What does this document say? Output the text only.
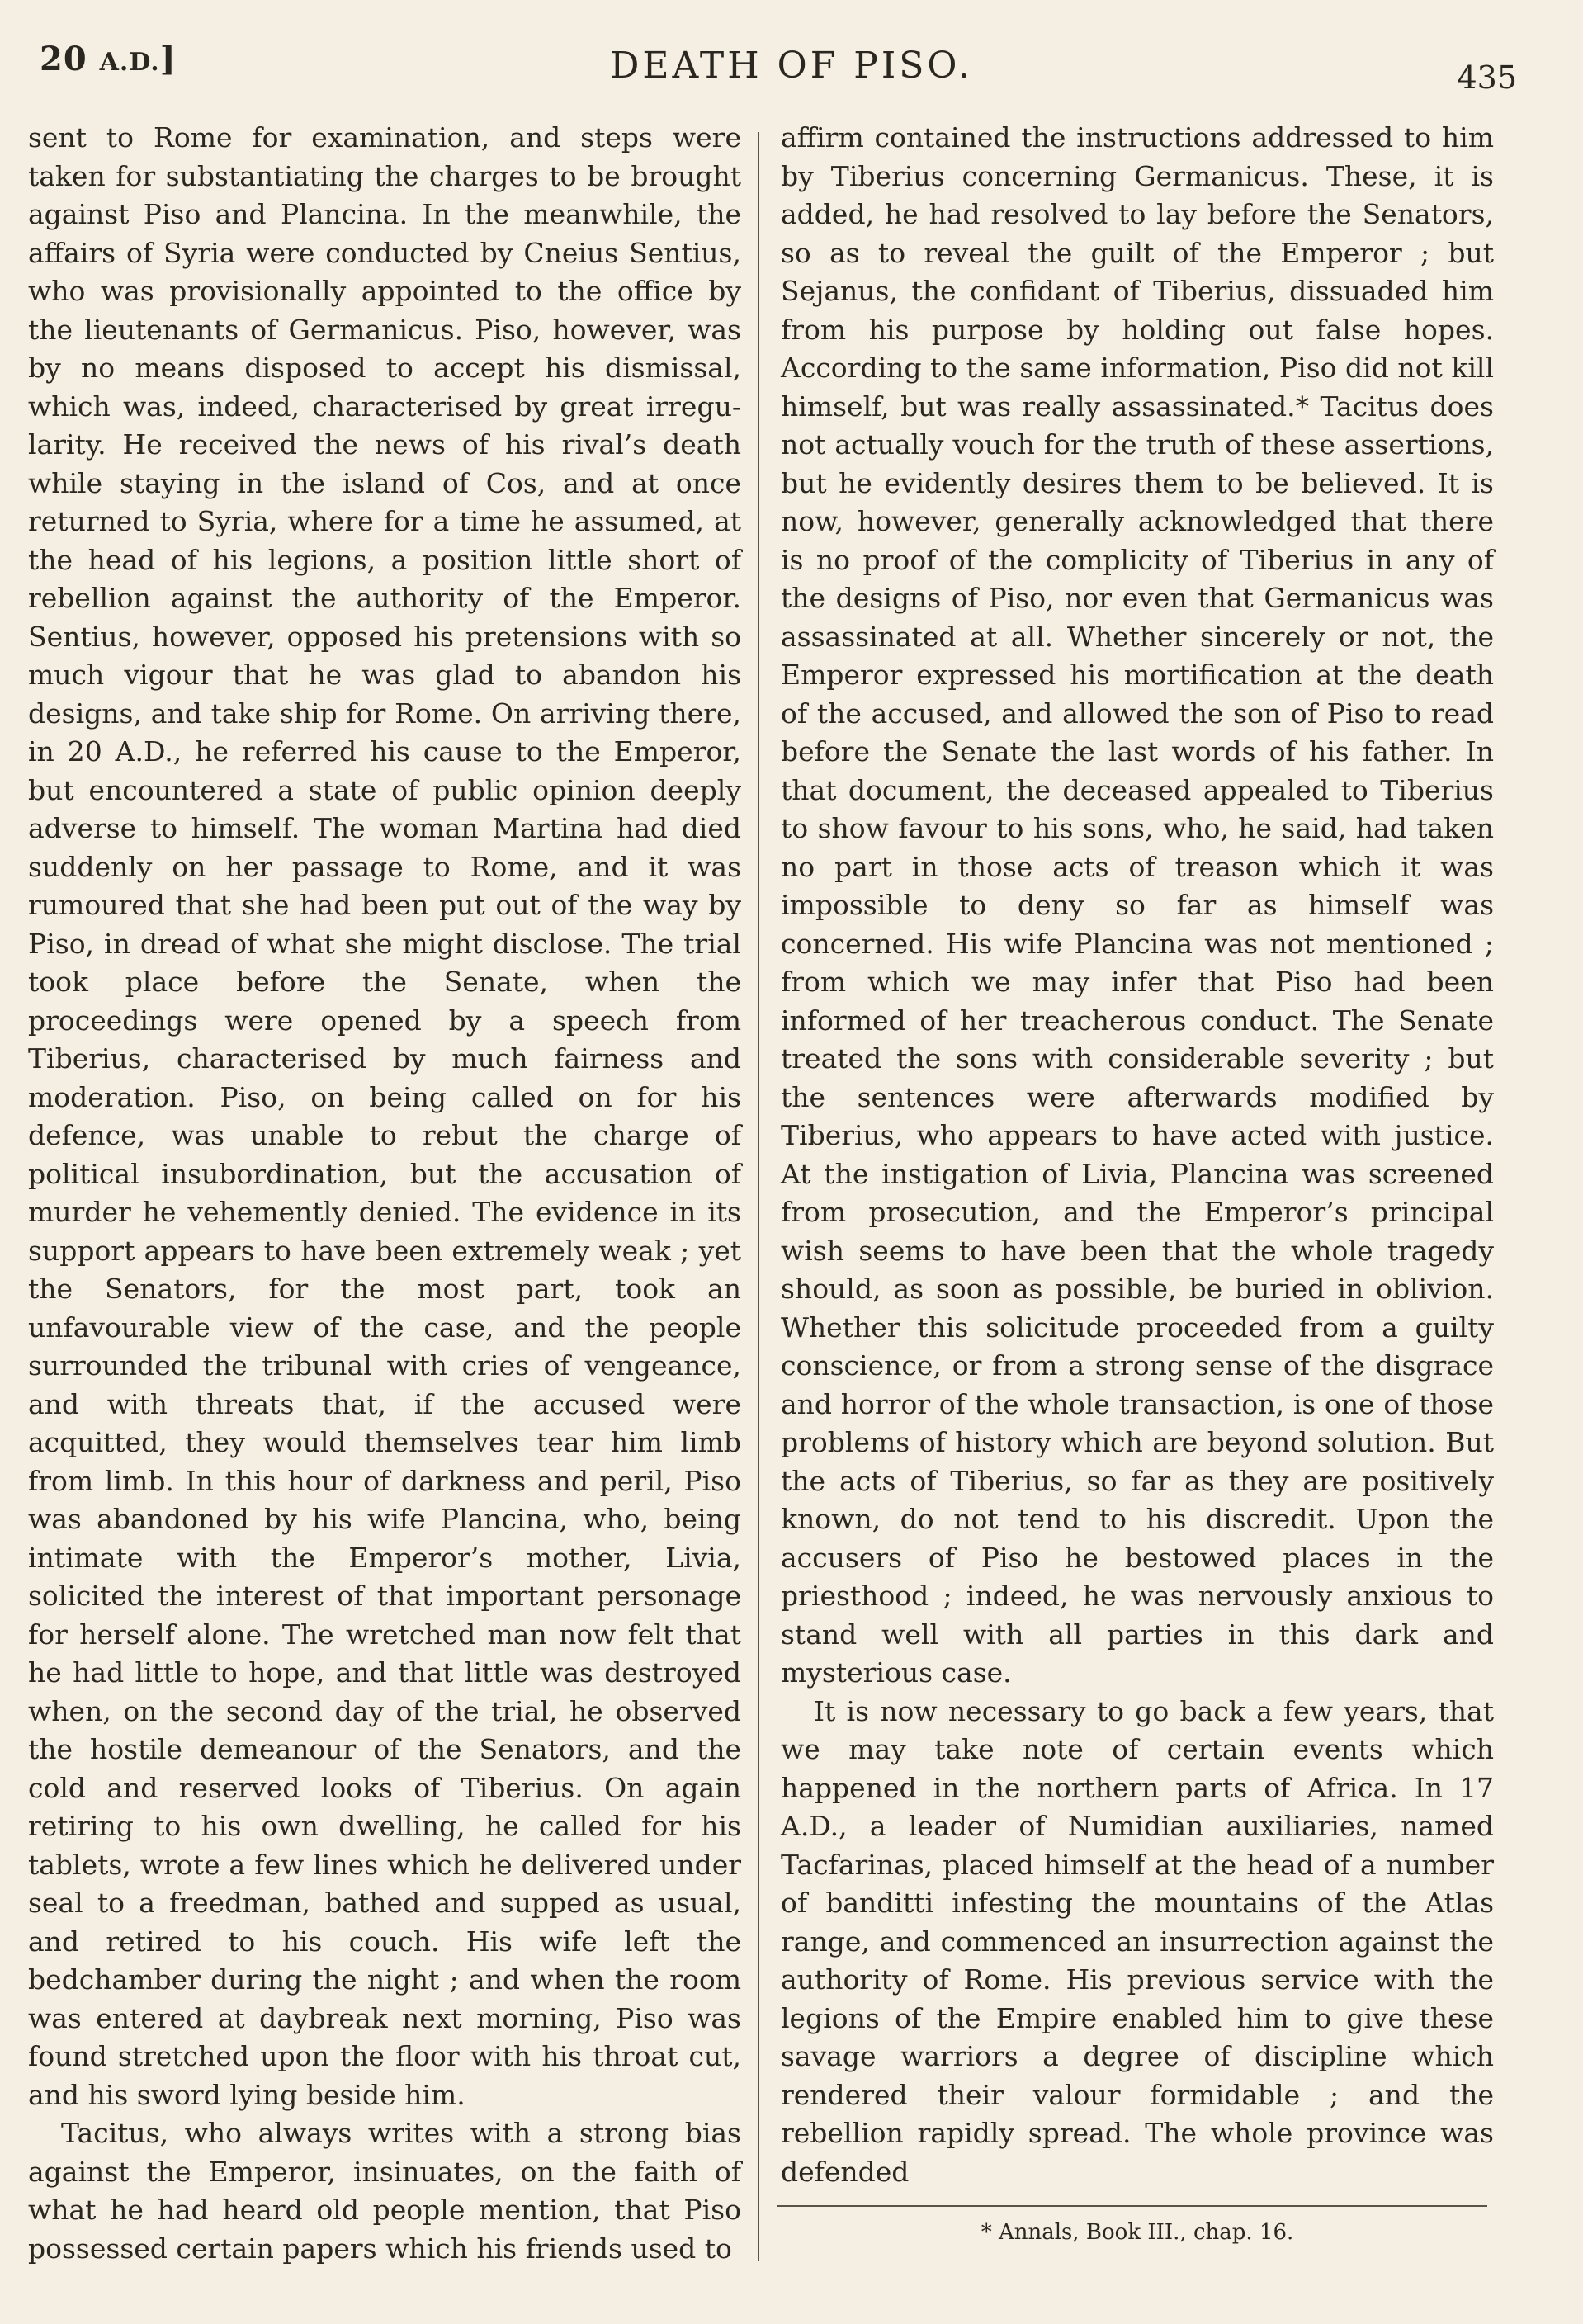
20 A.D.]	DEATH OF PISO.	435

sent to Rome for examination, and steps were taken for substantiating the charges to be brought against Piso and Plancina. In the meanwhile, the affairs of Syria were conducted by Cneius Sentius, who was provisionally appointed to the office by the lieutenants of Germanicus. Piso, however, was by no means disposed to accept his dismissal, which was, indeed, characterised by great irregularity. He received the news of his rival’s death while staying in the island of Cos, and at once returned to Syria, where for a time he assumed, at the head of his legions, a position little short of rebellion against the authority of the Emperor. Sentius, however, opposed his pretensions with so much vigour that he was glad to abandon his designs, and take ship for Rome. On arriving there, in 20 A.D., he referred his cause to the Emperor, but encountered a state of public opinion deeply adverse to himself. The woman Martina had died suddenly on her passage to Rome, and it was rumoured that she had been put out of the way by Piso, in dread of what she might disclose. The trial took place before the Senate, when the proceedings were opened by a speech from Tiberius, characterised by much fairness and moderation. Piso, on being called on for his defence, was unable to rebut the charge of political insubordination, but the accusation of murder he vehemently denied. The evidence in its support appears to have been extremely weak ; yet the Senators, for the most part, took an unfavourable view of the case, and the people surrounded the tribunal with cries of vengeance, and with threats that, if the accused were acquitted, they would themselves tear him limb from limb. In this hour of darkness and peril, Piso was abandoned by his wife Plancina, who, being intimate with the Emperor’s mother, Livia, solicited the interest of that important personage for herself alone. The wretched man now felt that he had little to hope, and that little was destroyed when, on the second day of the trial, he observed the hostile demeanour of the Senators, and the cold and reserved looks of Tiberius. On again retiring to his own dwelling, he called for his tablets, wrote a few lines which he delivered under seal to a freedman, bathed and supped as usual, and retired to his couch. His wife left the bedchamber during the night ; and when the room was entered at daybreak next morning, Piso was found stretched upon the floor with his throat cut, and his sword lying beside him.

Tacitus, who always writes with a strong bias against the Emperor, insinuates, on the faith of what he had heard old people mention, that Piso possessed certain papers which his friends used to

affirm contained the instructions addressed to him by Tiberius concerning Germanicus. These, it is added, he had resolved to lay before the Senators, so as to reveal the guilt of the Emperor ; but Sejanus, the confidant of Tiberius, dissuaded him from his purpose by holding out false hopes. According to the same information, Piso did not kill himself, but was really assassinated.* Tacitus does not actually vouch for the truth of these assertions, but he evidently desires them to be believed. It is now, however, generally acknowledged that there is no proof of the complicity of Tiberius in any of the designs of Piso, nor even that Germanicus was assassinated at all. Whether sincerely or not, the Emperor expressed his mortification at the death of the accused, and allowed the son of Piso to read before the Senate the last words of his father. In that document, the deceased appealed to Tiberius to show favour to his sons, who, he said, had taken no part in those acts of treason which it was impossible to deny so far as himself was concerned. His wife Plancina was not mentioned ; from which we may infer that Piso had been informed of her treacherous conduct. The Senate treated the sons with considerable severity ; but the sentences were afterwards modified by Tiberius, who appears to have acted with justice. At the instigation of Livia, Plancina was screened from prosecution, and the Emperor’s principal wish seems to have been that the whole tragedy should, as soon as possible, be buried in oblivion. Whether this solicitude proceeded from a guilty conscience, or from a strong sense of the disgrace and horror of the whole transaction, is one of those problems of history which are beyond solution. But the acts of Tiberius, so far as they are positively known, do not tend to his discredit. Upon the accusers of Piso he bestowed places in the priesthood ; indeed, he was nervously anxious to stand well with all parties in this dark and mysterious case.

It is now necessary to go back a few years, that we may take note of certain events which happened in the northern parts of Africa. In 17 A.D., a leader of Numidian auxiliaries, named Tacfarinas, placed himself at the head of a number of banditti infesting the mountains of the Atlas range, and commenced an insurrection against the authority of Rome. His previous service with the legions of the Empire enabled him to give these savage warriors a degree of discipline which rendered their valour formidable ; and the rebellion rapidly spread. The whole province was defended

* Annals, Book III., chap. 16.
